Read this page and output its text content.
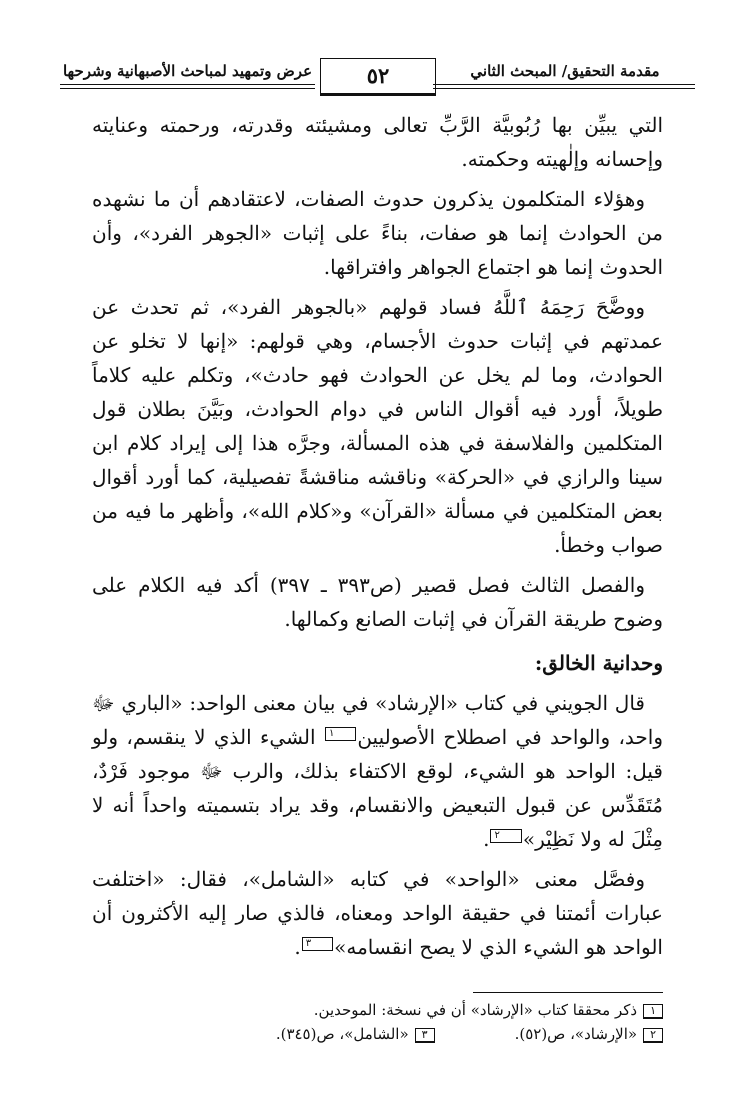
مقدمة التحقيق/ المبحث الثاني
٥٢
عرض وتمهيد لمباحث الأصبهانية وشرحها

التي يبيِّن بها رُبُوبيَّة الرَّبِّ تعالى ومشيئته وقدرته، ورحمته وعنايته وإحسانه وإلٰهيته وحكمته.

وهؤلاء المتكلمون يذكرون حدوث الصفات، لاعتقادهم أن ما نشهده من الحوادث إنما هو صفات، بناءً على إثبات «الجوهر الفرد»، وأن الحدوث إنما هو اجتماع الجواهر وافتراقها.

ووضَّحَ رَحِمَهُ ٱللَّهُ فساد قولهم «بالجوهر الفرد»، ثم تحدث عن عمدتهم في إثبات حدوث الأجسام، وهي قولهم: «إنها لا تخلو عن الحوادث، وما لم يخل عن الحوادث فهو حادث»، وتكلم عليه كلاماً طويلاً، أورد فيه أقوال الناس في دوام الحوادث، وبَيَّنَ بطلان قول المتكلمين والفلاسفة في هذه المسألة، وجرَّه هذا إلى إيراد كلام ابن سينا والرازي في «الحركة» وناقشه مناقشةً تفصيلية، كما أورد أقوال بعض المتكلمين في مسألة «القرآن» و«كلام الله»، وأظهر ما فيه من صواب وخطأ.

والفصل الثالث فصل قصير (ص٣٩٣ ـ ٣٩٧) أكد فيه الكلام على وضوح طريقة القرآن في إثبات الصانع وكمالها.

وحدانية الخالق:

قال الجويني في كتاب «الإرشاد» في بيان معنى الواحد: «الباري ﷻ واحد، والواحد في اصطلاح الأصوليين١ الشيء الذي لا ينقسم، ولو قيل: الواحد هو الشيء، لوقع الاكتفاء بذلك، والرب ﷻ موجود فَرْدٌ، مُتَقَدِّس عن قبول التبعيض والانقسام، وقد يراد بتسميته واحداً أنه لا مِثْلَ له ولا نَظِيْر»٢.

وفصَّل معنى «الواحد» في كتابه «الشامل»، فقال: «اختلفت عبارات أئمتنا في حقيقة الواحد ومعناه، فالذي صار إليه الأكثرون أن الواحد هو الشيء الذي لا يصح انقسامه»٣.

١ذكر محققا كتاب «الإرشاد» أن في نسخة: الموحدين.
٢«الإرشاد»، ص(٥٢).٣«الشامل»، ص(٣٤٥).
